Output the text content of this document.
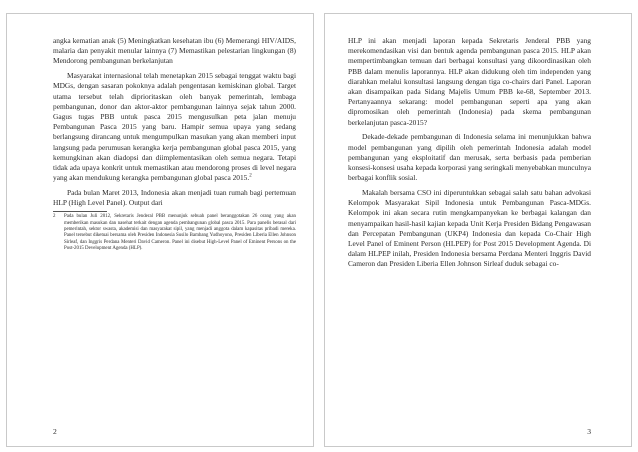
angka kematian anak (5) Meningkatkan kesehatan ibu (6) Memerangi HIV/AIDS, malaria dan penyakit menular lainnya (7) Memastikan pelestarian lingkungan (8) Mendorong pembangunan berkelanjutan

Masyarakat internasional telah menetapkan 2015 sebagai tenggat waktu bagi MDGs, dengan sasaran pokoknya adalah pengentasan kemiskinan global. Target utama tersebut telah diprioritaskan oleh banyak pemerintah, lembaga pembangunan, donor dan aktor-aktor pembangunan lainnya sejak tahun 2000. Gagus tugas PBB untuk pasca 2015 mengusulkan peta jalan menuju Pembangunan Pasca 2015 yang baru. Hampir semua upaya yang sedang berlangsung dirancang untuk mengumpulkan masukan yang akan memberi input langsung pada perumusan kerangka kerja pembangunan global pasca 2015, yang kemungkinan akan diadopsi dan diimplementasikan oleh semua negara. Tetapi tidak ada upaya konkrit untuk memastikan atau mendorong proses di level negara yang akan mendukung kerangka pembangunan global pasca 2015.$^2$

Pada bulan Maret 2013, Indonesia akan menjadi tuan rumah bagi pertemuan HLP (High Level Panel). Output dari

2	Pada bulan Juli 2012, Sekretaris Jenderal PBB menunjuk sebuah panel beranggotakan 26 orang yang akan memberikan masukan dan nasehat terkait dengan agenda pembangunan global pasca 2015. Para panelis berasal dari pemerintah, sektor swasta, akademisi dan masyarakat sipil, yang menjadi anggota dalam kapasitas pribadi mereka. Panel tersebut diketuai bersama oleh Presiden Indonesia Susilo Bambang Yudhoyono, Presiden Liberia Ellen Johnson Sirleaf, dan Inggris Perdana Menteri David Cameron. Panel ini disebut High-Level Panel of Eminent Persons on the Post-2015 Development Agenda (HLP).
2

HLP ini akan menjadi laporan kepada Sekretaris Jenderal PBB yang merekomendasikan visi dan bentuk agenda pembangunan pasca 2015. HLP akan mempertimbangkan temuan dari berbagai konsultasi yang dikoordinasikan oleh PBB dalam menulis laporannya. HLP akan didukung oleh tim independen yang diarahkan melalui konsultasi langsung dengan tiga co-chairs dari Panel. Laporan akan disampaikan pada Sidang Majelis Umum PBB ke-68, September 2013. Pertanyaannya sekarang: model pembangunan seperti apa yang akan dipromosikan oleh pemerintah (Indonesia) pada skema pembangunan berkelanjutan pasca-2015?

Dekade-dekade pembangunan di Indonesia selama ini menunjukkan bahwa model pembangunan yang dipilih oleh pemerintah Indonesia adalah model pembangunan yang eksploitatif dan merusak, serta berbasis pada pemberian konsesi-konsesi usaha kepada korporasi yang seringkali menyebabkan munculnya berbagai konflik sosial.

Makalah bersama CSO ini diperuntukkan sebagai salah satu bahan advokasi Kelompok Masyarakat Sipil Indonesia untuk Pembangunan Pasca-MDGs. Kelompok ini akan secara rutin mengkampanyekan ke berbagai kalangan dan menyampaikan hasil-hasil kajian kepada Unit Kerja Presiden Bidang Pengawasan dan Percepatan Pembangunan (UKP4) Indonesia dan kepada Co-Chair High Level Panel of Eminent Person (HLPEP) for Post 2015 Development Agenda. Di dalam HLPEP inilah, Presiden Indonesia bersama Perdana Menteri Inggris David Cameron dan Presiden Liberia Ellen Johnson Sirleaf duduk sebagai co-

3
